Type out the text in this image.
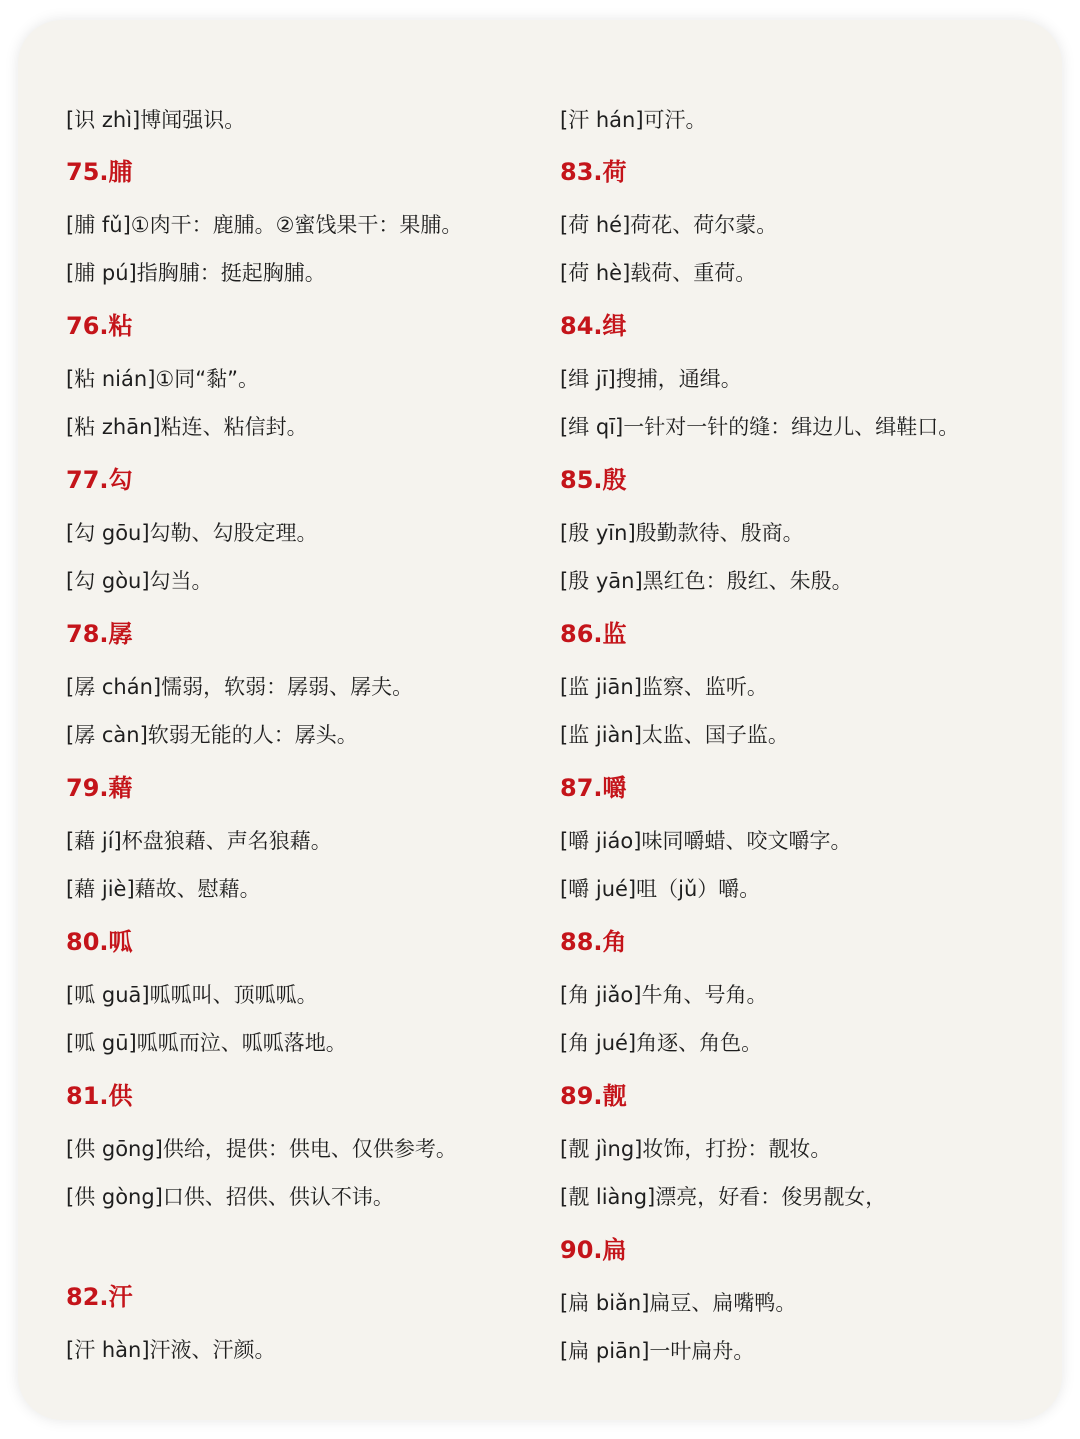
[识 zhì]博闻强识。
75.脯
[脯 fǔ]①肉干：鹿脯。②蜜饯果干：果脯。
[脯 pú]指胸脯：挺起胸脯。
76.粘
[粘 nián]①同“黏”。
[粘 zhān]粘连、粘信封。
77.勾
[勾 gōu]勾勒、勾股定理。
[勾 gòu]勾当。
78.孱
[孱 chán]懦弱，软弱：孱弱、孱夫。
[孱 càn]软弱无能的人：孱头。
79.藉
[藉 jí]杯盘狼藉、声名狼藉。
[藉 jiè]藉故、慰藉。
80.呱
[呱 guā]呱呱叫、顶呱呱。
[呱 gū]呱呱而泣、呱呱落地。
81.供
[供 gōng]供给，提供：供电、仅供参考。
[供 gòng]口供、招供、供认不讳。
82.汗
[汗 hàn]汗液、汗颜。
[汗 hán]可汗。
83.荷
[荷 hé]荷花、荷尔蒙。
[荷 hè]载荷、重荷。
84.缉
[缉 jī]搜捕，通缉。
[缉 qī]一针对一针的缝：缉边儿、缉鞋口。
85.殷
[殷 yīn]殷勤款待、殷商。
[殷 yān]黑红色：殷红、朱殷。
86.监
[监 jiān]监察、监听。
[监 jiàn]太监、国子监。
87.嚼
[嚼 jiáo]味同嚼蜡、咬文嚼字。
[嚼 jué]咀（jǔ）嚼。
88.角
[角 jiǎo]牛角、号角。
[角 jué]角逐、角色。
89.靓
[靓 jìng]妆饰，打扮：靓妆。
[靓 liàng]漂亮，好看：俊男靓女，
90.扁
[扁 biǎn]扁豆、扁嘴鸭。
[扁 piān]一叶扁舟。
